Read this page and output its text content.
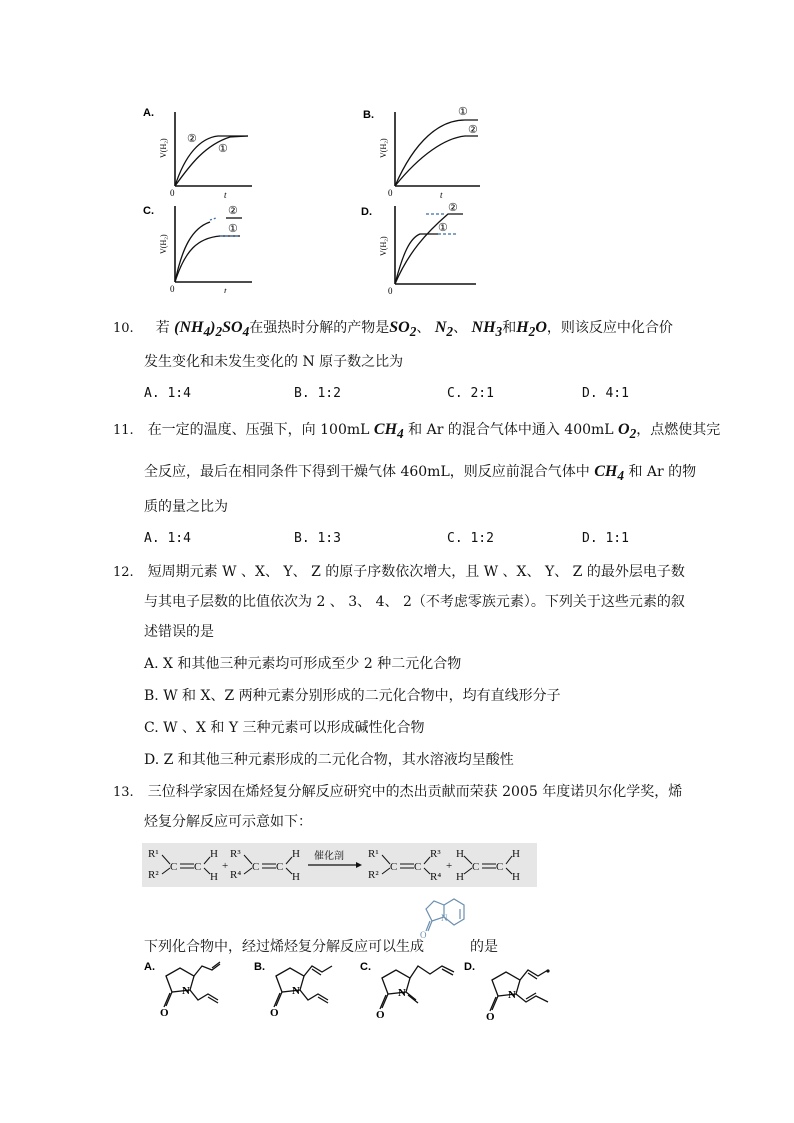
A.
V(H₂)
0	t
②
①
B.
V(H₂)
0	t
①
②
C.
V(H₂)
0	t
②
①
D.
V(H₂)
0
②
①
10. 若 $(NH_4)_2SO_4$在强热时分解的产物是$SO_2$、 $N_2$、 $NH_3$和$H_2O$，则该反应中化合价
发生变化和未发生变化的 N 原子数之比为
A. 1:4	B. 1:2	C. 2:1	D. 4:1
11. 在一定的温度、压强下，向 100mL $CH_4$ 和 Ar 的混合气体中通入 400mL $O_2$，点燃使其完
全反应，最后在相同条件下得到干燥气体 460mL，则反应前混合气体中 $CH_4$ 和 Ar 的物
质的量之比为
A. 1:4	B. 1:3	C. 1:2	D. 1:1
12. 短周期元素 W 、X、 Y、 Z 的原子序数依次增大，且 W 、X、 Y、 Z 的最外层电子数
与其电子层数的比值依次为 2 、 3、 4、 2（不考虑零族元素）。下列关于这些元素的叙
述错误的是
A. X 和其他三种元素均可形成至少 2 种二元化合物
B. W 和 X、Z 两种元素分别形成的二元化合物中，均有直线形分子
C. W 、X 和 Y 三种元素可以形成碱性化合物
D. Z 和其他三种元素形成的二元化合物，其水溶液均呈酸性
13. 三位科学家因在烯烃复分解反应研究中的杰出贡献而荣获 2005 年度诺贝尔化学奖，烯
烃复分解反应可示意如下：
R¹
R²
C C
H
H
+
R³
R⁴
C C
H
H
催化剖 R¹
R²
C C
R³
R⁴
+
H
H
C C
H
H
下列化合物中，经过烯烃复分解反应可以生成
N
O
的是
A.
N
O
B.
N
O
C.
N
O
D.
N
O
